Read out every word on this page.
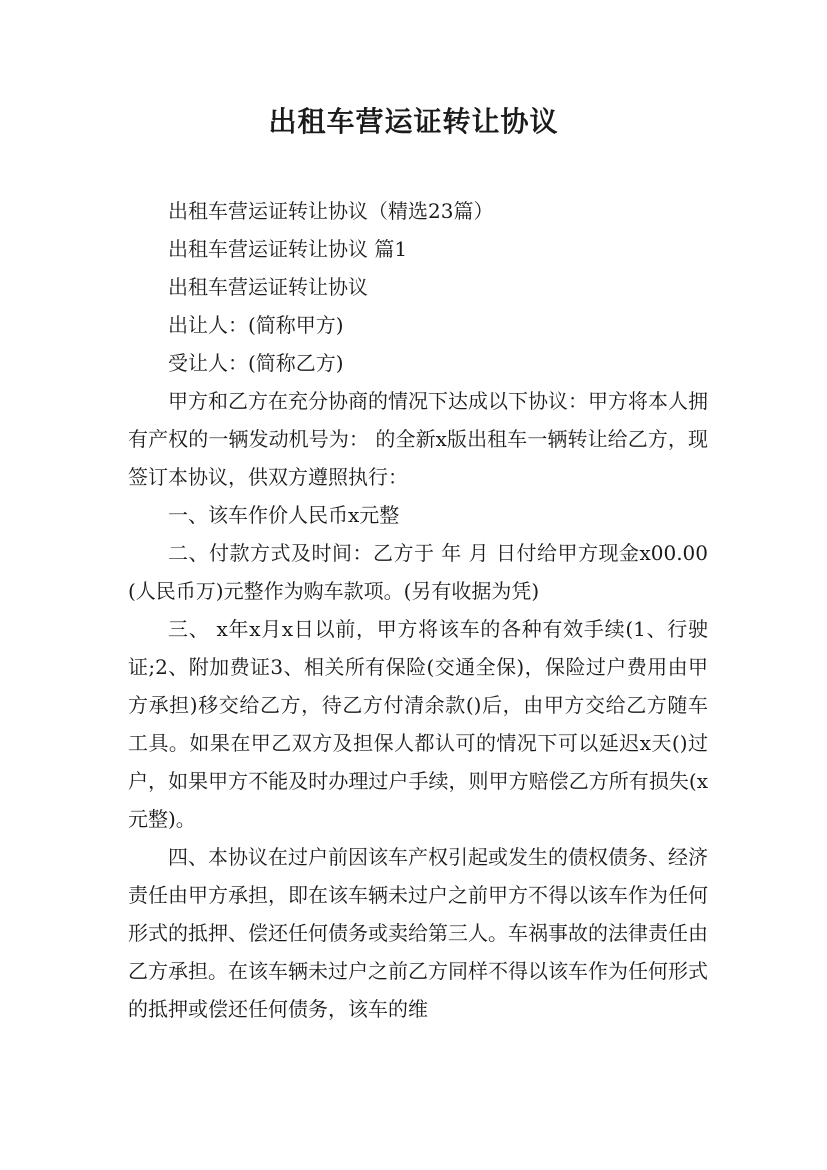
出租车营运证转让协议

出租车营运证转让协议（精选23篇）

出租车营运证转让协议 篇1

出租车营运证转让协议

出让人：(简称甲方)

受让人：(简称乙方)

甲方和乙方在充分协商的情况下达成以下协议：甲方将本人拥有产权的一辆发动机号为： 的全新x版出租车一辆转让给乙方，现签订本协议，供双方遵照执行：

一、该车作价人民币x元整

二、付款方式及时间：乙方于 年 月 日付给甲方现金x00.00(人民币万)元整作为购车款项。(另有收据为凭)

三、 x年x月x日以前，甲方将该车的各种有效手续(1、行驶证;2、附加费证3、相关所有保险(交通全保)，保险过户费用由甲方承担)移交给乙方，待乙方付清余款()后，由甲方交给乙方随车工具。如果在甲乙双方及担保人都认可的情况下可以延迟x天()过户，如果甲方不能及时办理过户手续，则甲方赔偿乙方所有损失(x元整)。

四、本协议在过户前因该车产权引起或发生的债权债务、经济责任由甲方承担，即在该车辆未过户之前甲方不得以该车作为任何形式的抵押、偿还任何债务或卖给第三人。车祸事故的法律责任由乙方承担。在该车辆未过户之前乙方同样不得以该车作为任何形式的抵押或偿还任何债务，该车的维
